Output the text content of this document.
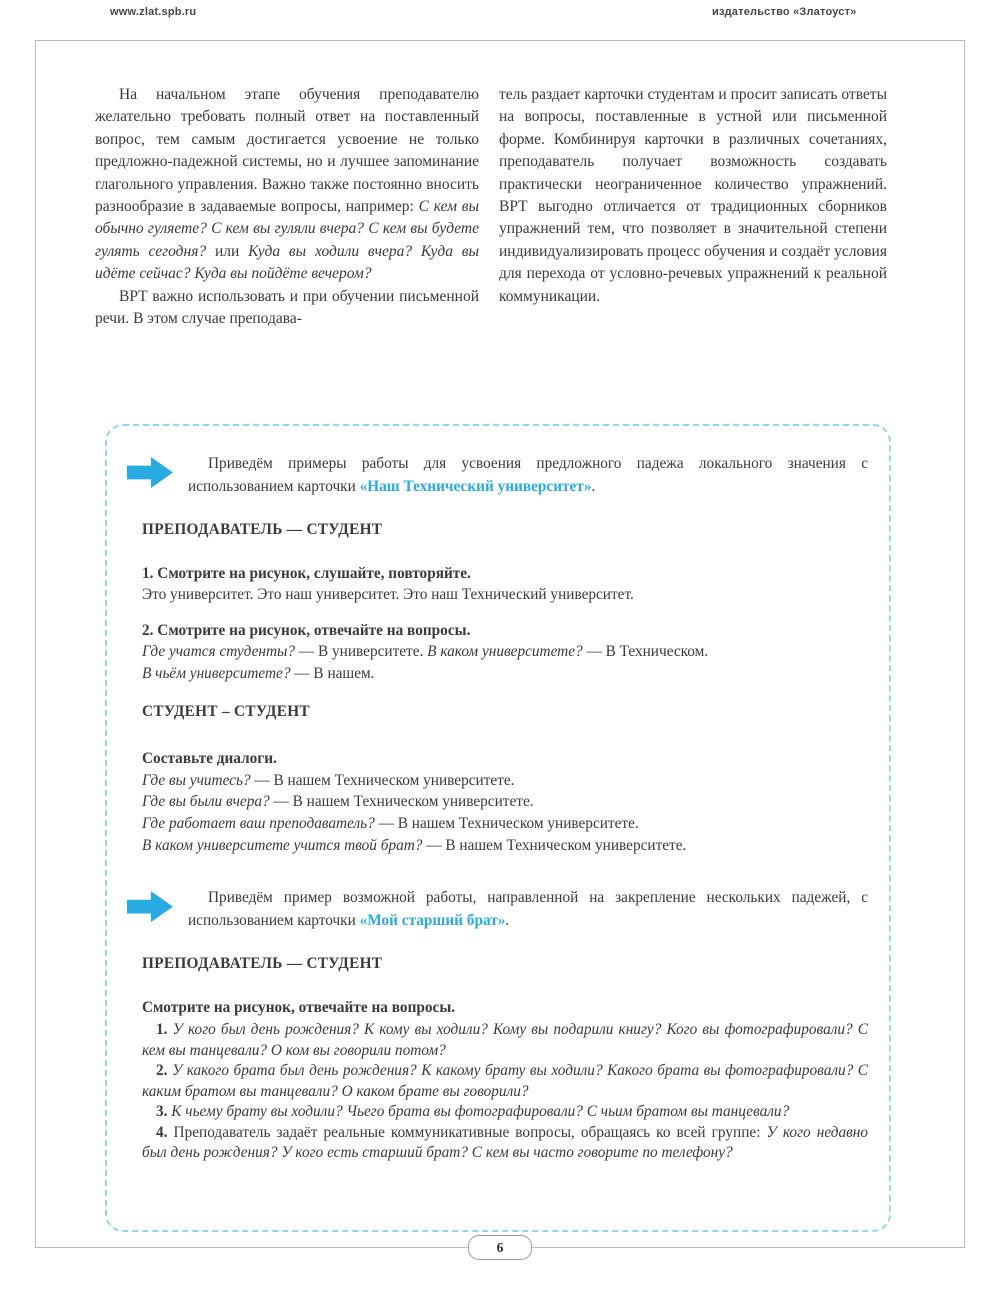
www.zlat.spb.ru	издательство «Златоуст»

На начальном этапе обучения преподавателю желательно требовать полный ответ на поставленный вопрос, тем самым достигается усвоение не только предложно-падежной системы, но и лучшее запоминание глагольного управления. Важно также постоянно вносить разнообразие в задаваемые вопросы, например: С кем вы обычно гуляете? С кем вы гуляли вчера? С кем вы будете гулять сегодня? или Куда вы ходили вчера? Куда вы идёте сейчас? Куда вы пойдёте вечером?

ВРТ важно использовать и при обучении письменной речи. В этом случае преподава-

тель раздает карточки студентам и просит записать ответы на вопросы, поставленные в устной или письменной форме. Комбинируя карточки в различных сочетаниях, преподаватель получает возможность создавать практически неограниченное количество упражнений. ВРТ выгодно отличается от традиционных сборников упражнений тем, что позволяет в значительной степени индивидуализировать процесс обучения и создаёт условия для перехода от условно-речевых упражнений к реальной коммуникации.

Приведём примеры работы для усвоения предложного падежа локального значения с использованием карточки «Наш Технический университет».
ПРЕПОДАВАТЕЛЬ — СТУДЕНТ
1. Смотрите на рисунок, слушайте, повторяйте.

Это университет. Это наш университет. Это наш Технический университет.

2. Смотрите на рисунок, отвечайте на вопросы.

Где учатся студенты? — В университете. В каком университете? — В Техническом.

В чьём университете? — В нашем.

СТУДЕНТ – СТУДЕНТ
Составьте диалоги.

Где вы учитесь? — В нашем Техническом университете.

Где вы были вчера? — В нашем Техническом университете.

Где работает ваш преподаватель? — В нашем Техническом университете.

В каком университете учится твой брат? — В нашем Техническом университете.

Приведём пример возможной работы, направленной на закрепление нескольких падежей, с использованием карточки «Мой старший брат».
ПРЕПОДАВАТЕЛЬ — СТУДЕНТ
Смотрите на рисунок, отвечайте на вопросы.

1. У кого был день рождения? К кому вы ходили? Кому вы подарили книгу? Кого вы фотографировали? С кем вы танцевали? О ком вы говорили потом?

2. У какого брата был день рождения? К какому брату вы ходили? Какого брата вы фотографировали? С каким братом вы танцевали? О каком брате вы говорили?

3. К чьему брату вы ходили? Чьего брата вы фотографировали? С чьим братом вы танцевали?

4. Преподаватель задаёт реальные коммуникативные вопросы, обращаясь ко всей группе: У кого недавно был день рождения? У кого есть старший брат? С кем вы часто говорите по телефону?

6
